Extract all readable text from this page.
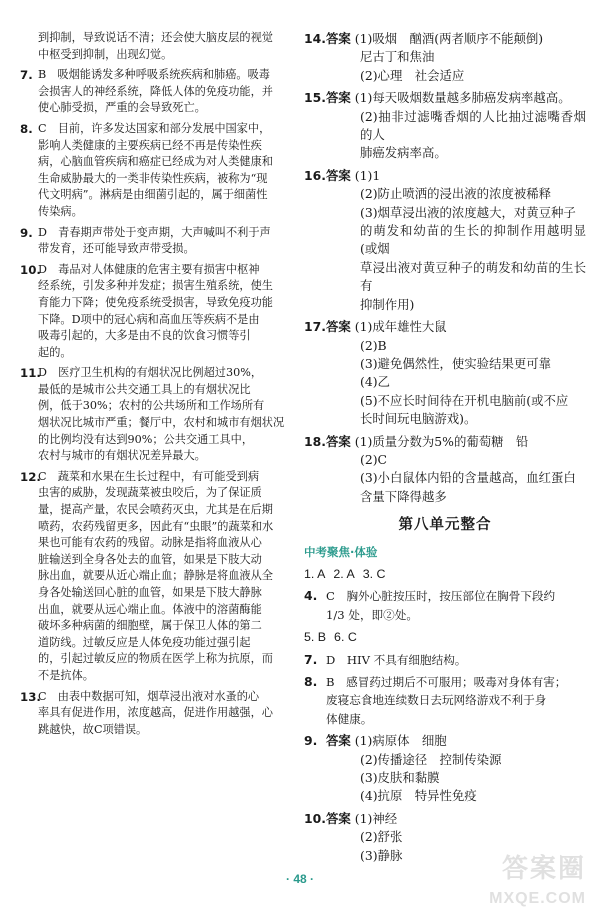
到抑制，导致说话不清；还会使大脑皮层的视觉
中枢受到抑制，出现幻觉。
7. B　吸烟能诱发多种呼吸系统疾病和肺癌。吸毒
会损害人的神经系统，降低人体的免疫功能，并
使心肺受损，严重的会导致死亡。
8. C　目前，许多发达国家和部分发展中国家中，
影响人类健康的主要疾病已经不再是传染性疾
病，心脑血管疾病和癌症已经成为对人类健康和
生命威胁最大的一类非传染性疾病，被称为“现
代文明病”。淋病是由细菌引起的，属于细菌性
传染病。
9. D　青春期声带处于变声期，大声喊叫不利于声
带发育，还可能导致声带受损。
10.
D　毒品对人体健康的危害主要有损害中枢神
经系统，引发多种并发症；损害生殖系统，使生
育能力下降；使免疫系统受损害，导致免疫功能
下降。D项中的冠心病和高血压等疾病不是由
吸毒引起的，大多是由不良的饮食习惯等引
起的。
11.
D　医疗卫生机构的有烟状况比例超过30%，
最低的是城市公共交通工具上的有烟状况比
例，低于30%；农村的公共场所和工作场所有
烟状况比城市严重；餐厅中，农村和城市有烟状况
的比例均没有达到90%；公共交通工具中，
农村与城市的有烟状况差异最大。
12.
C　蔬菜和水果在生长过程中，有可能受到病
虫害的威胁，发现蔬菜被虫咬后，为了保证质
量，提高产量，农民会喷药灭虫，尤其是在后期
喷药，农药残留更多，因此有“虫眼”的蔬菜和水
果也可能有农药的残留。动脉是指将血液从心
脏输送到全身各处去的血管，如果是下肢大动
脉出血，就要从近心端止血；静脉是将血液从全
身各处输送回心脏的血管，如果是下肢大静脉
出血，就要从远心端止血。体液中的溶菌酶能
破坏多种病菌的细胞壁，属于保卫人体的第二
道防线。过敏反应是人体免疫功能过强引起
的，引起过敏反应的物质在医学上称为抗原，而
不是抗体。
13.
C　由表中数据可知，烟草浸出液对水蚤的心
率具有促进作用，浓度越高，促进作用越强，心
跳越快，故C项错误。
14. 答案 (1)吸烟　酗酒(两者顺序不能颠倒)
尼古丁和焦油
(2)心理　社会适应
15. 答案 (1)每天吸烟数量越多肺癌发病率越高。
(2)抽非过滤嘴香烟的人比抽过滤嘴香烟的人
肺癌发病率高。
16. 答案 (1)1
(2)防止喷洒的浸出液的浓度被稀释
(3)烟草浸出液的浓度越大，对黄豆种子
的萌发和幼苗的生长的抑制作用越明显(或烟
草浸出液对黄豆种子的萌发和幼苗的生长有
抑制作用)
17. 答案 (1)成年雄性大鼠
(2)B
(3)避免偶然性，使实验结果更可靠
(4)乙
(5)不应长时间待在开机电脑前(或不应
长时间玩电脑游戏)。
18. 答案 (1)质量分数为5%的葡萄糖　铅
(2)C
(3)小白鼠体内铅的含量越高，血红蛋白
含量下降得越多
第八单元整合
中考聚焦·体验
1. A 2. A 3. C
4. C　胸外心脏按压时，按压部位在胸骨下段约
1/3 处，即②处。
5. B 6. C
7. D　HIV 不具有细胞结构。
8. B　感冒药过期后不可服用；吸毒对身体有害；
废寝忘食地连续数日去玩网络游戏不利于身
体健康。
9. 答案 (1)病原体　细胞
(2)传播途径　控制传染源
(3)皮肤和黏膜
(4)抗原　特异性免疫
10. 答案 (1)神经
(2)舒张
(3)静脉
· 48 ·	答案圈
MXQE.COM
